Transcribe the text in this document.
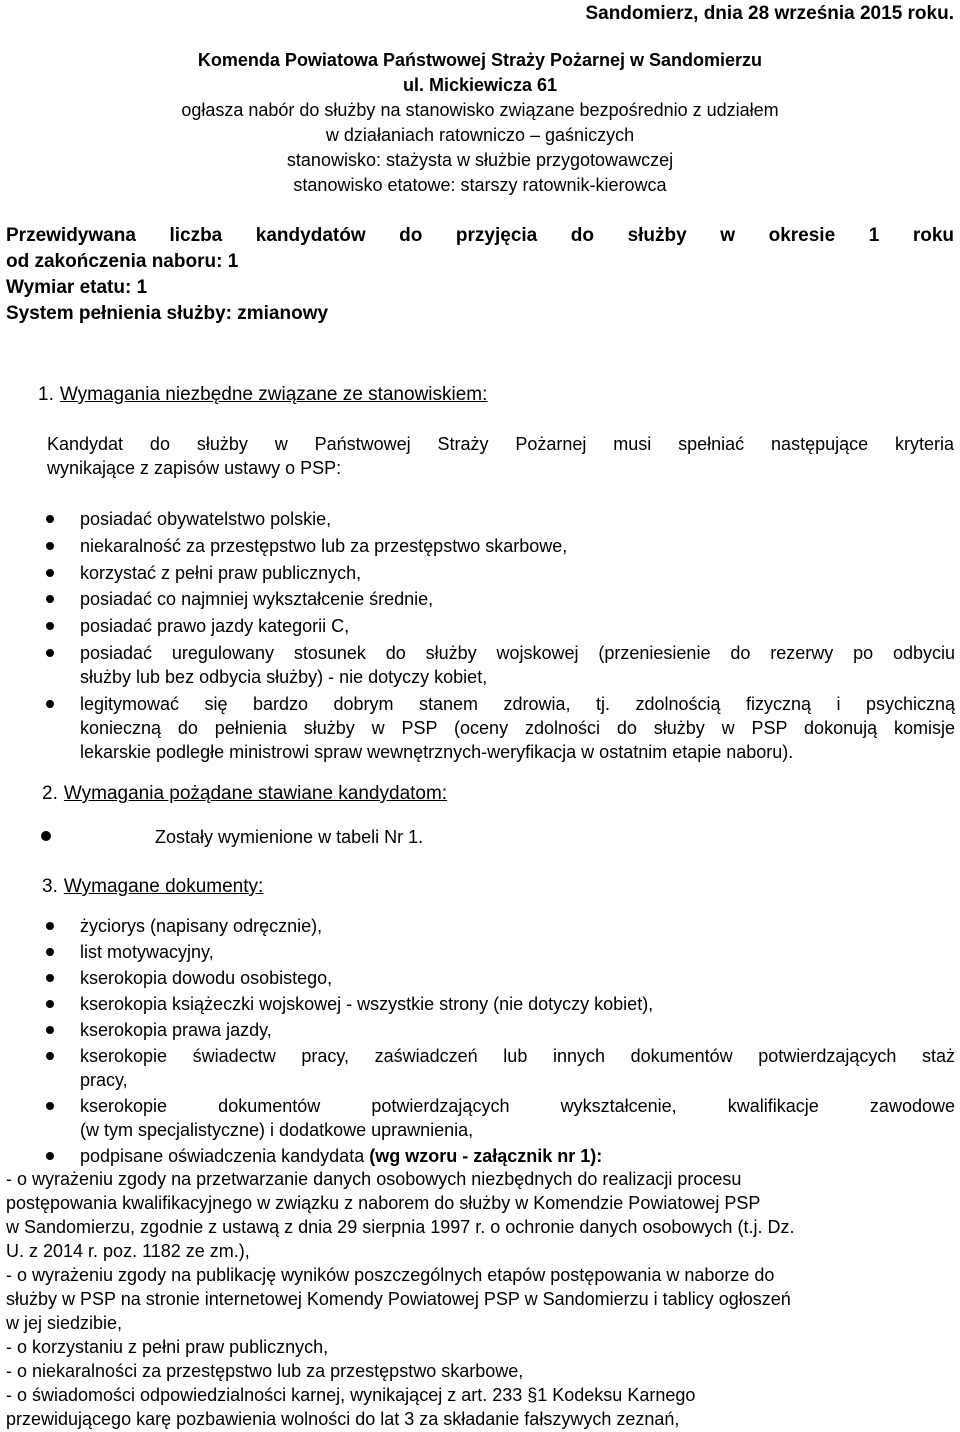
Sandomierz, dnia 28 września 2015 roku.
Komenda Powiatowa Państwowej Straży Pożarnej w Sandomierzu
ul. Mickiewicza 61
ogłasza nabór do służby na stanowisko związane bezpośrednio z udziałem
w działaniach ratowniczo – gaśniczych
stanowisko: stażysta w służbie przygotowawczej
stanowisko etatowe: starszy ratownik-kierowca
Przewidywana liczba kandydatów do przyjęcia do służby w okresie 1 roku
od zakończenia naboru: 1
Wymiar etatu: 1
System pełnienia służby: zmianowy
1. Wymagania niezbędne związane ze stanowiskiem:
Kandydat do służby w Państwowej Straży Pożarnej musi spełniać następujące kryteria
wynikające z zapisów ustawy o PSP:
posiadać obywatelstwo polskie,
niekaralność za przestępstwo lub za przestępstwo skarbowe,
korzystać z pełni praw publicznych,
posiadać co najmniej wykształcenie średnie,
posiadać prawo jazdy kategorii C,
posiadać uregulowany stosunek do służby wojskowej (przeniesienie do rezerwy po odbyciu
służby lub bez odbycia służby) - nie dotyczy kobiet,
legitymować się bardzo dobrym stanem zdrowia, tj. zdolnością fizyczną i psychiczną
konieczną do pełnienia służby w PSP (oceny zdolności do służby w PSP dokonują komisje
lekarskie podległe ministrowi spraw wewnętrznych-weryfikacja w ostatnim etapie naboru).
2. Wymagania pożądane stawiane kandydatom:
Zostały wymienione w tabeli Nr 1.
3. Wymagane dokumenty:
życiorys (napisany odręcznie),
list motywacyjny,
kserokopia dowodu osobistego,
kserokopia książeczki wojskowej - wszystkie strony (nie dotyczy kobiet),
kserokopia prawa jazdy,
kserokopie świadectw pracy, zaświadczeń lub innych dokumentów potwierdzających staż
pracy,
kserokopie dokumentów potwierdzających wykształcenie, kwalifikacje zawodowe
(w tym specjalistyczne) i dodatkowe uprawnienia,
podpisane oświadczenia kandydata (wg wzoru - załącznik nr 1):
- o wyrażeniu zgody na przetwarzanie danych osobowych niezbędnych do realizacji procesu
postępowania kwalifikacyjnego w związku z naborem do służby w Komendzie Powiatowej PSP
w Sandomierzu, zgodnie z ustawą z dnia 29 sierpnia 1997 r. o ochronie danych osobowych (t.j. Dz.
U. z 2014 r. poz. 1182 ze zm.),
- o wyrażeniu zgody na publikację wyników poszczególnych etapów postępowania w naborze do
służby w PSP na stronie internetowej Komendy Powiatowej PSP w Sandomierzu i tablicy ogłoszeń
w jej siedzibie,
- o korzystaniu z pełni praw publicznych,
- o niekaralności za przestępstwo lub za przestępstwo skarbowe,
- o świadomości odpowiedzialności karnej, wynikającej z art. 233 §1 Kodeksu Karnego
przewidującego karę pozbawienia wolności do lat 3 za składanie fałszywych zeznań,
